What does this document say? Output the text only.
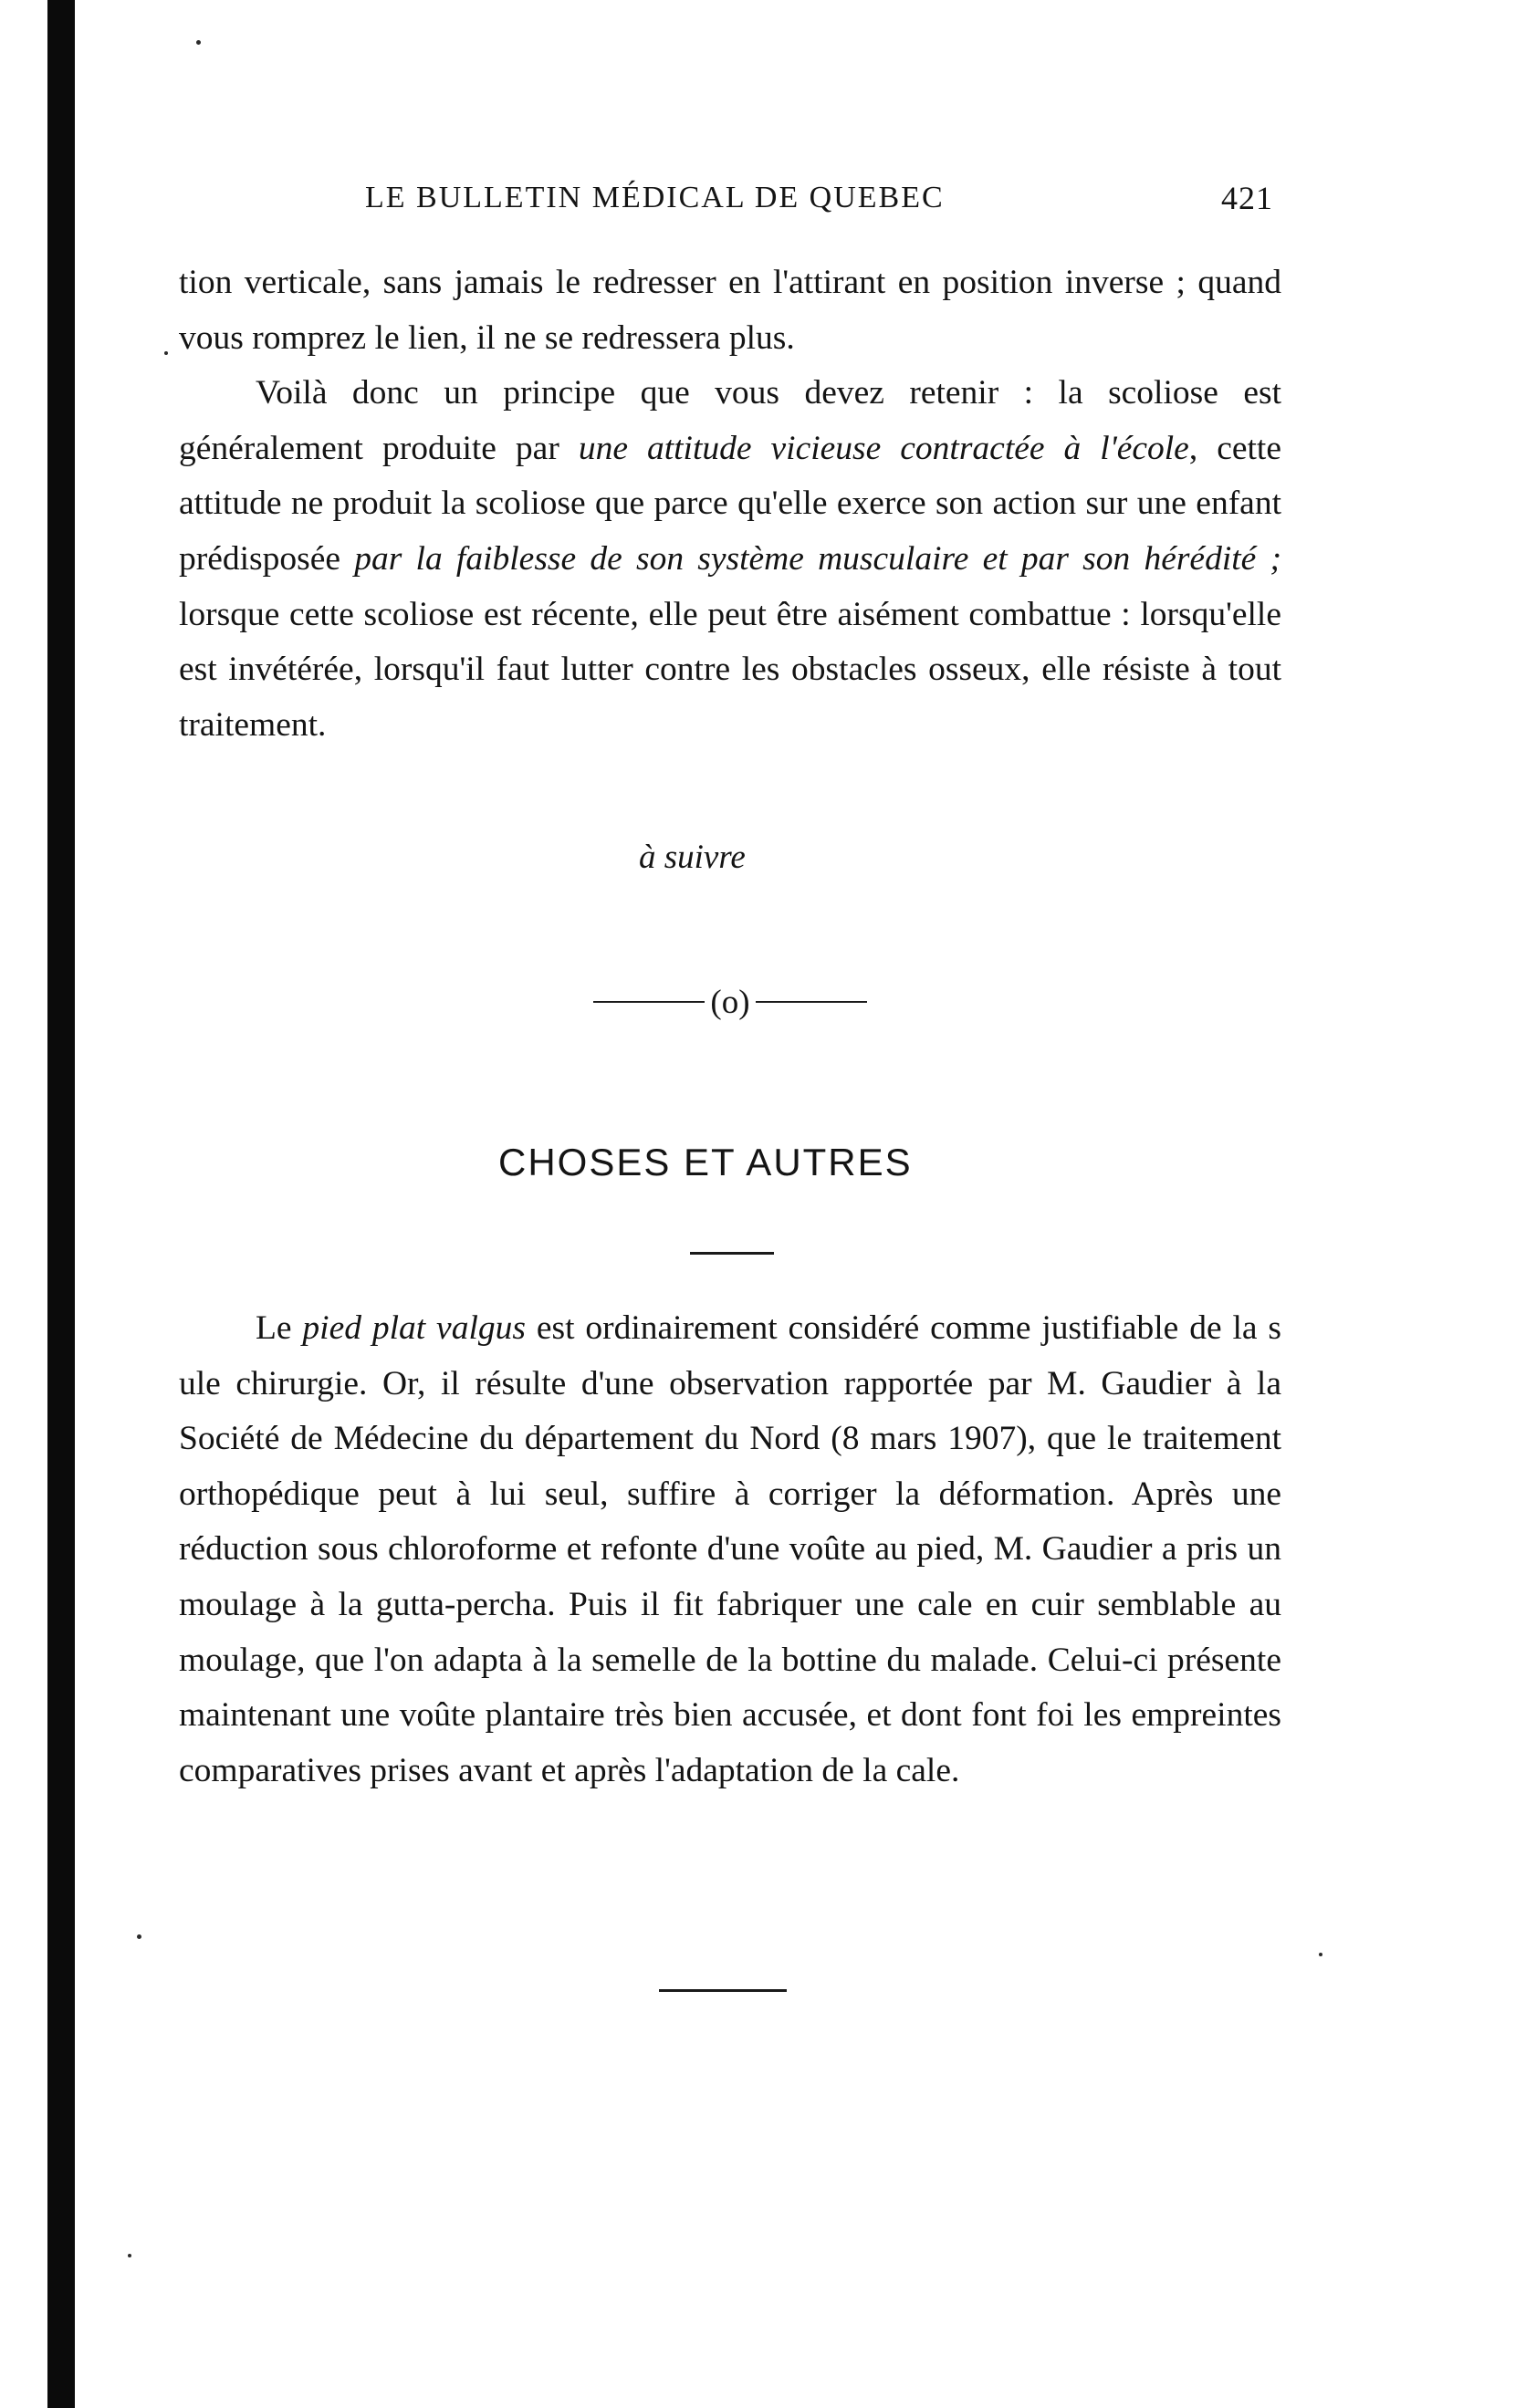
LE BULLETIN MÉDICAL DE QUEBEC	421

tion verticale, sans jamais le redresser en l'attirant en position inverse ; quand vous romprez le lien, il ne se redressera plus.

Voilà donc un principe que vous devez retenir : la scoliose est généralement produite par une attitude vicieuse contractée à l'école, cette attitude ne produit la scoliose que parce qu'elle exerce son action sur une enfant prédisposée par la faiblesse de son système musculaire et par son hérédité ; lorsque cette scoliose est récente, elle peut être aisément combattue : lorsqu'elle est invétérée, lorsqu'il faut lutter contre les obstacles osseux, elle résiste à tout traitement.

à suivre
(o)
CHOSES ET AUTRES

Le pied plat valgus est ordinairement considéré comme justifiable de la s ule chirurgie. Or, il résulte d'une observation rapportée par M. Gaudier à la Société de Médecine du département du Nord (8 mars 1907), que le traitement orthopédique peut à lui seul, suffire à corriger la déformation. Après une réduction sous chloroforme et refonte d'une voûte au pied, M. Gaudier a pris un moulage à la gutta-percha. Puis il fit fabriquer une cale en cuir semblable au moulage, que l'on adapta à la semelle de la bottine du malade. Celui-ci présente maintenant une voûte plantaire très bien accusée, et dont font foi les empreintes comparatives prises avant et après l'adaptation de la cale.
